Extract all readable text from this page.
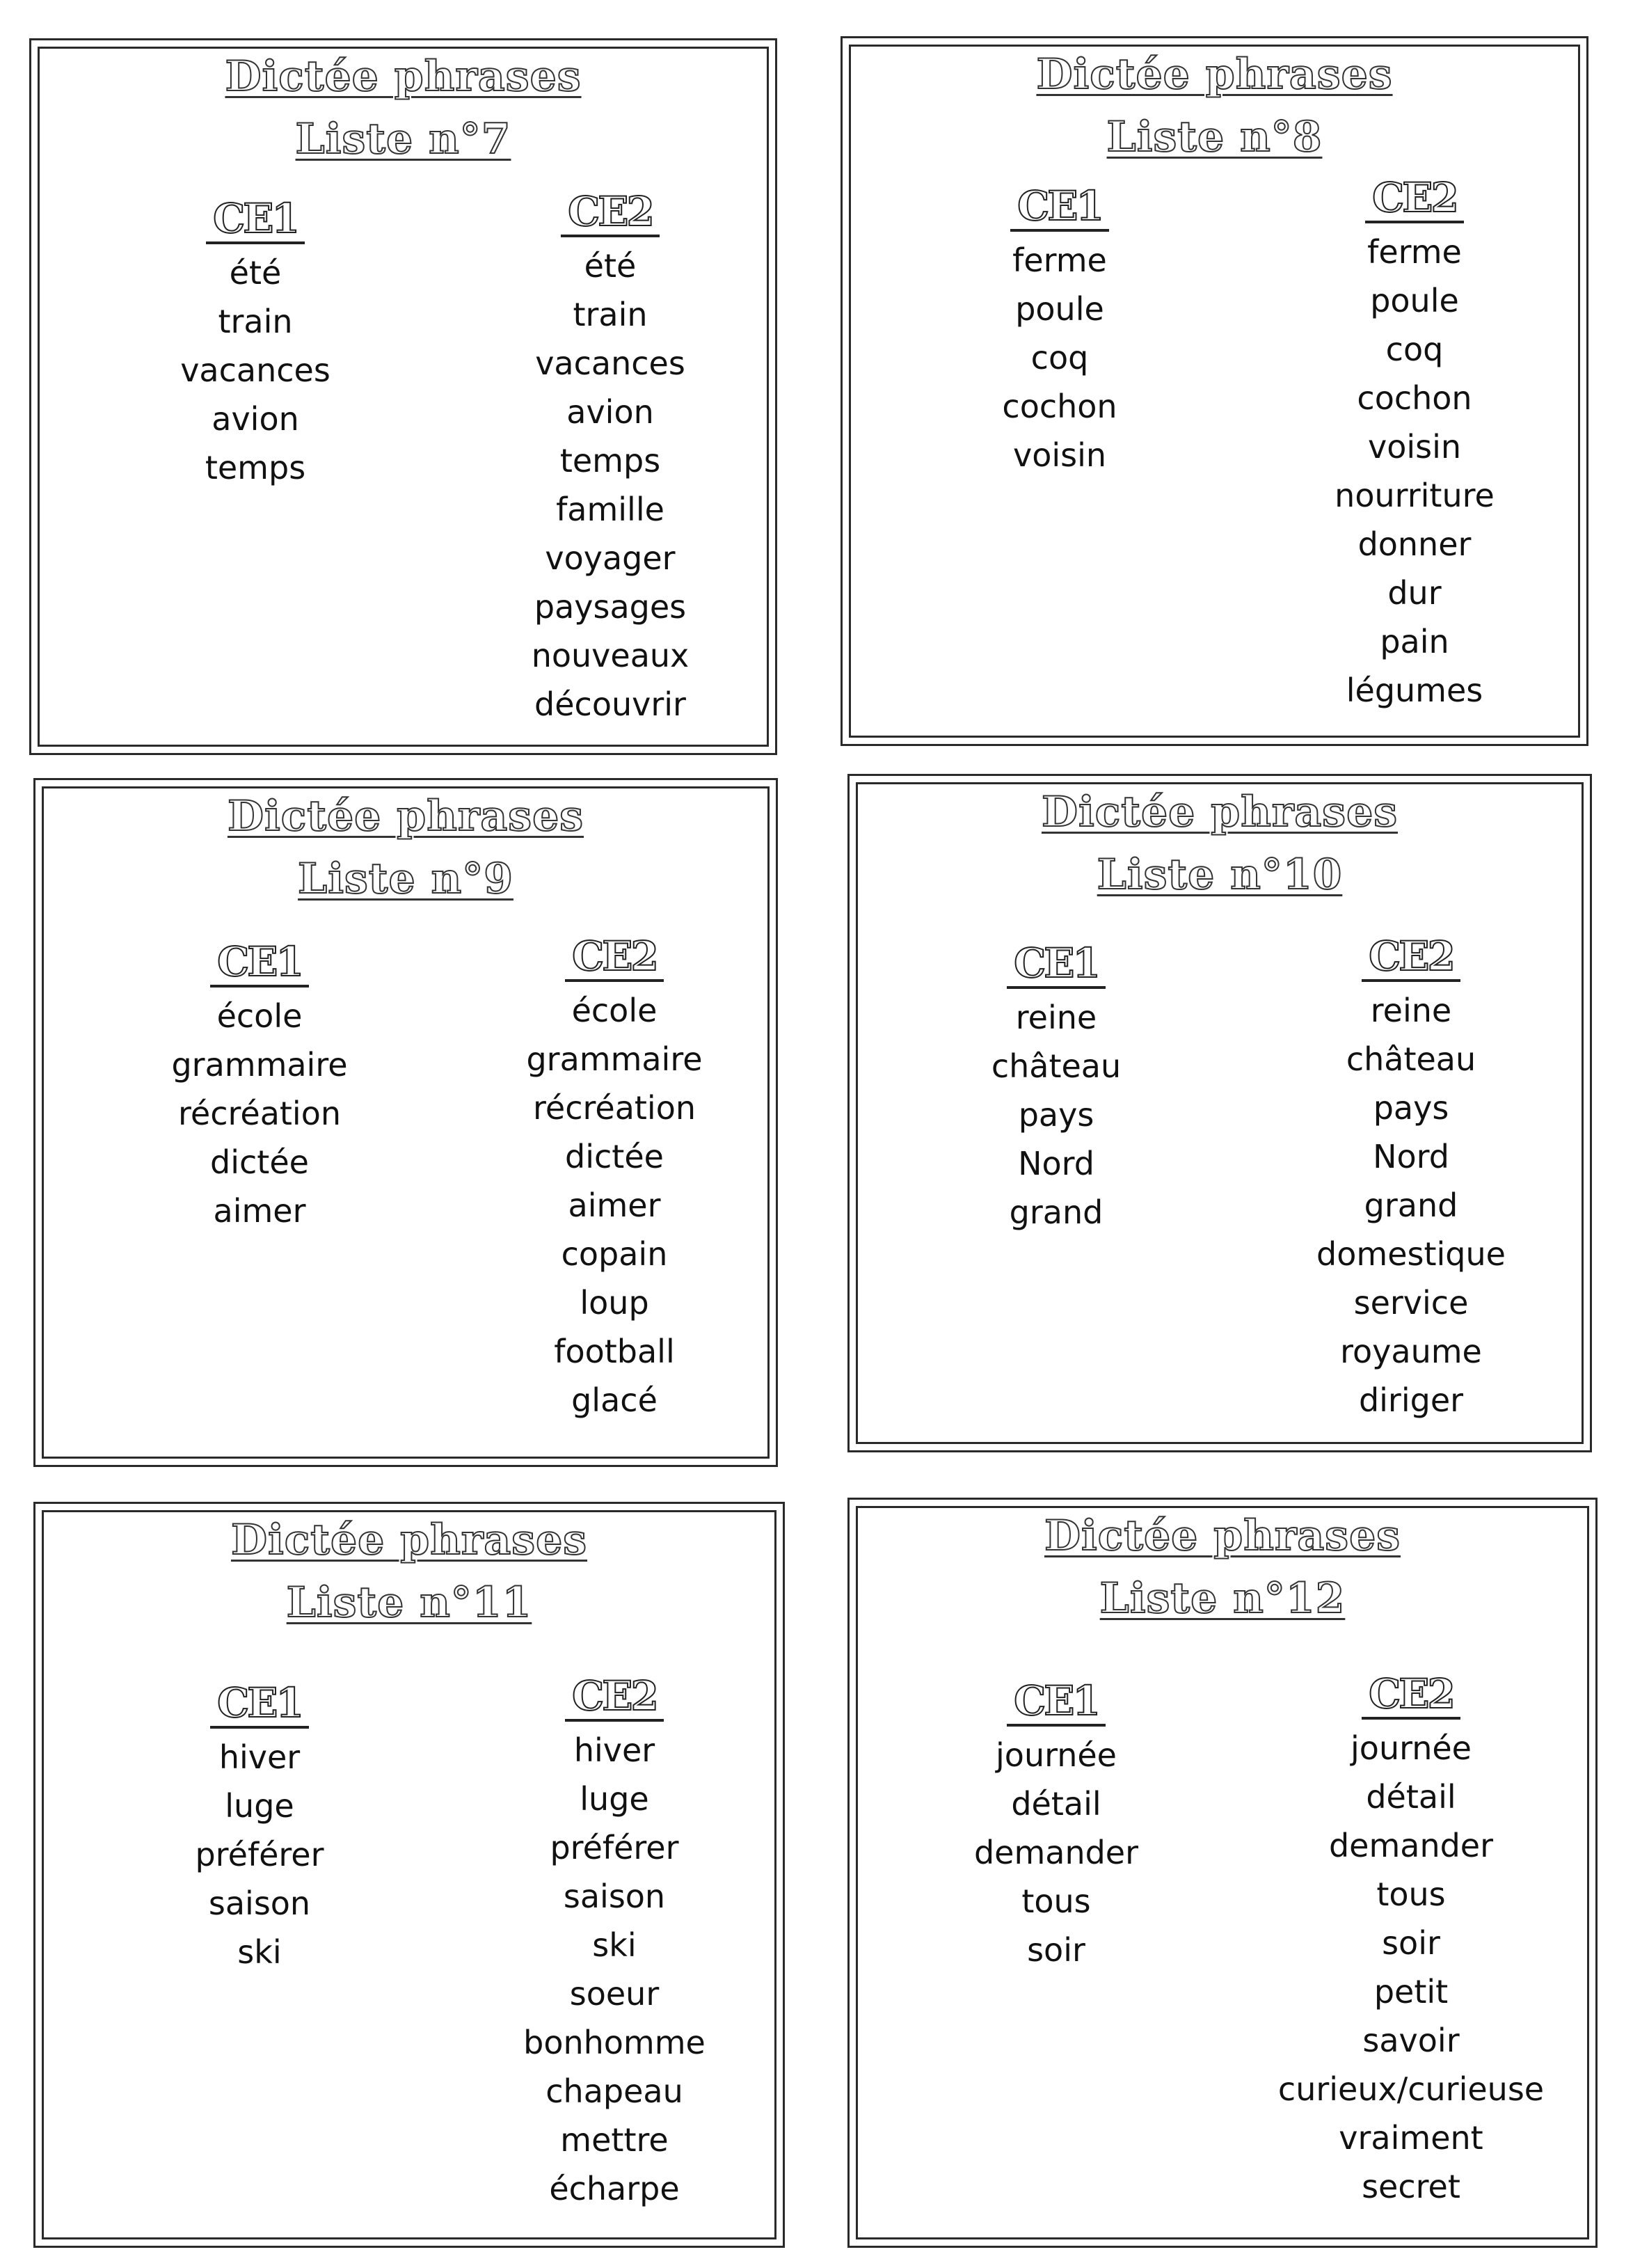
Dictée phrases
Liste n°7
CE1
été
train
vacances
avion
temps
CE2
été
train
vacances
avion
temps
famille
voyager
paysages
nouveaux
découvrir
Dictée phrases
Liste n°8
CE1
ferme
poule
coq
cochon
voisin
CE2
ferme
poule
coq
cochon
voisin
nourriture
donner
dur
pain
légumes
Dictée phrases
Liste n°9
CE1
école
grammaire
récréation
dictée
aimer
CE2
école
grammaire
récréation
dictée
aimer
copain
loup
football
glacé
Dictée phrases
Liste n°10
CE1
reine
château
pays
Nord
grand
CE2
reine
château
pays
Nord
grand
domestique
service
royaume
diriger
Dictée phrases
Liste n°11
CE1
hiver
luge
préférer
saison
ski
CE2
hiver
luge
préférer
saison
ski
soeur
bonhomme
chapeau
mettre
écharpe
Dictée phrases
Liste n°12
CE1
journée
détail
demander
tous
soir
CE2
journée
détail
demander
tous
soir
petit
savoir
curieux/curieuse
vraiment
secret
